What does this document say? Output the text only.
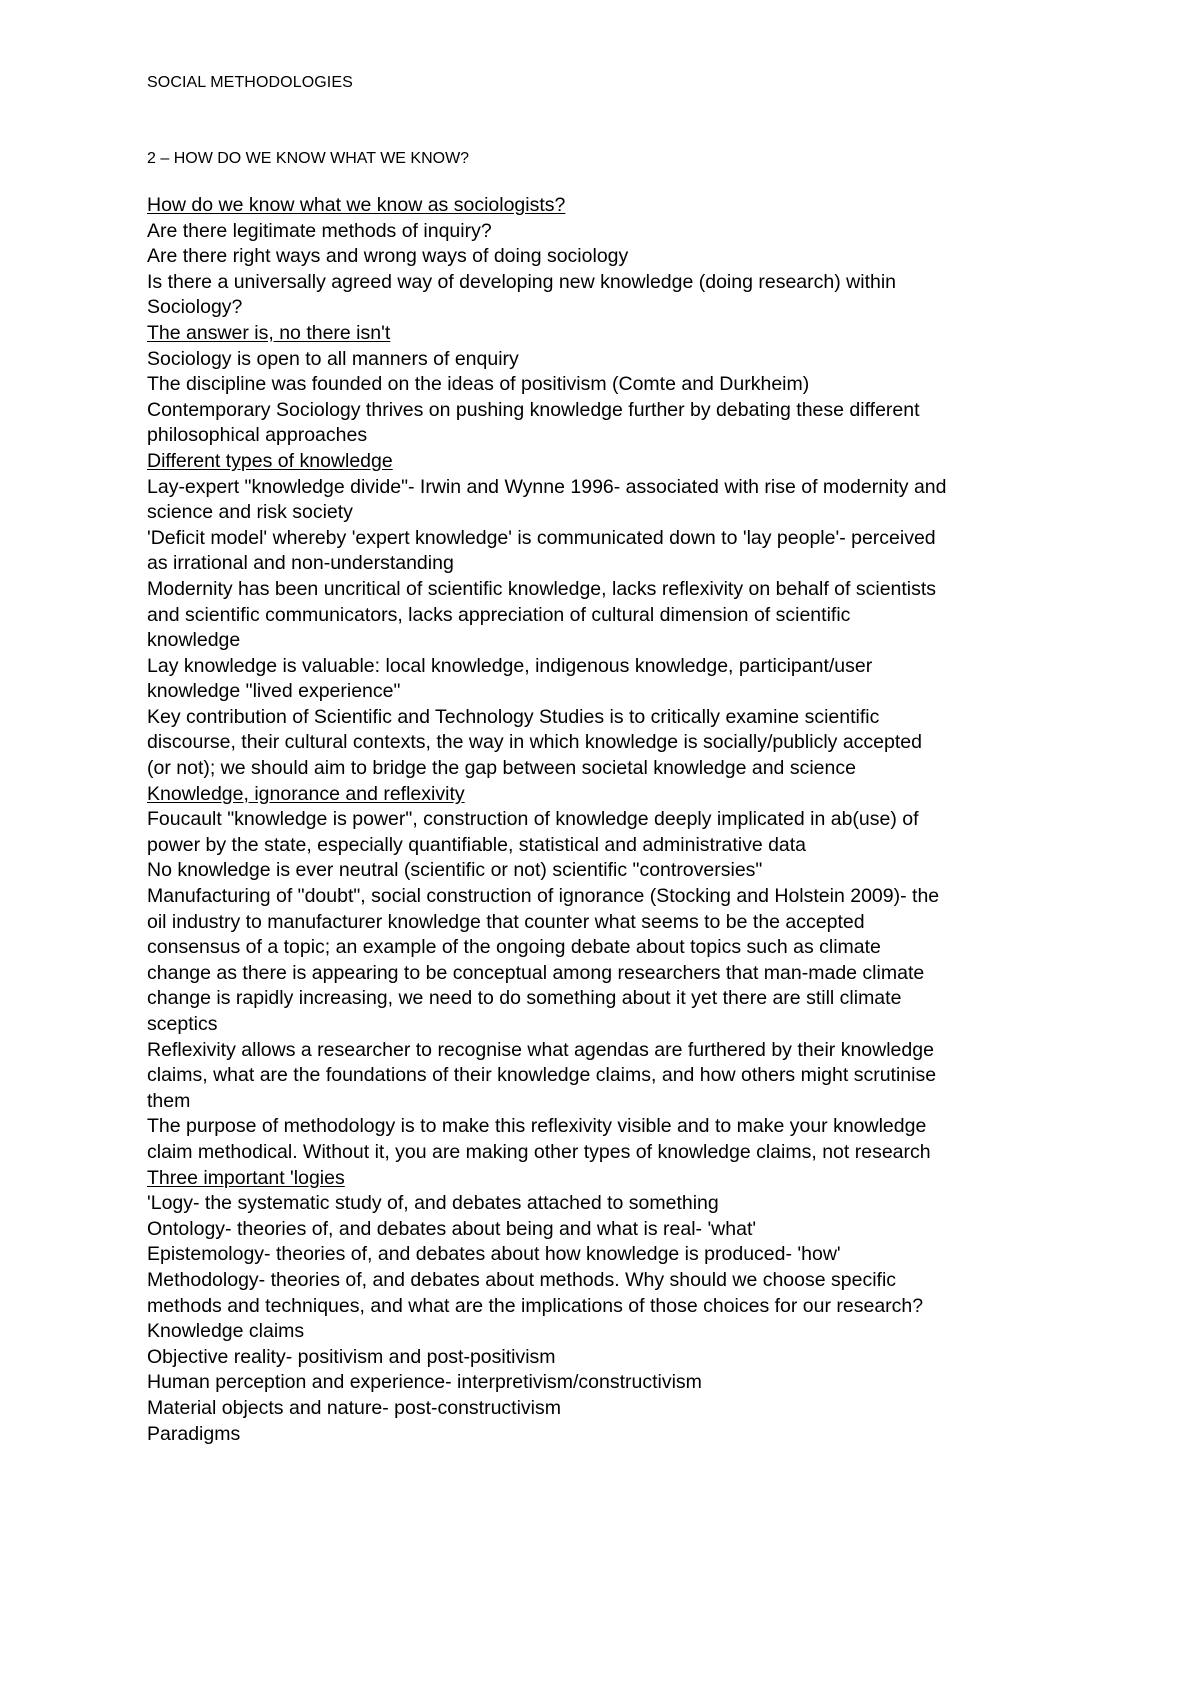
SOCIAL METHODOLOGIES
2 – HOW DO WE KNOW WHAT WE KNOW?
How do we know what we know as sociologists?
Are there legitimate methods of inquiry?
Are there right ways and wrong ways of doing sociology
Is there a universally agreed way of developing new knowledge (doing research) within
Sociology?
The answer is, no there isn't
Sociology is open to all manners of enquiry
The discipline was founded on the ideas of positivism (Comte and Durkheim)
Contemporary Sociology thrives on pushing knowledge further by debating these different
philosophical approaches
Different types of knowledge
Lay-expert "knowledge divide"- Irwin and Wynne 1996- associated with rise of modernity and
science and risk society
'Deficit model' whereby 'expert knowledge' is communicated down to 'lay people'- perceived
as irrational and non-understanding
Modernity has been uncritical of scientific knowledge, lacks reflexivity on behalf of scientists
and scientific communicators, lacks appreciation of cultural dimension of scientific
knowledge
Lay knowledge is valuable: local knowledge, indigenous knowledge, participant/user
knowledge "lived experience"
Key contribution of Scientific and Technology Studies is to critically examine scientific
discourse, their cultural contexts, the way in which knowledge is socially/publicly accepted
(or not); we should aim to bridge the gap between societal knowledge and science
Knowledge, ignorance and reflexivity
Foucault "knowledge is power", construction of knowledge deeply implicated in ab(use) of
power by the state, especially quantifiable, statistical and administrative data
No knowledge is ever neutral (scientific or not) scientific "controversies"
Manufacturing of "doubt", social construction of ignorance (Stocking and Holstein 2009)- the
oil industry to manufacturer knowledge that counter what seems to be the accepted
consensus of a topic; an example of the ongoing debate about topics such as climate
change as there is appearing to be conceptual among researchers that man-made climate
change is rapidly increasing, we need to do something about it yet there are still climate
sceptics
Reflexivity allows a researcher to recognise what agendas are furthered by their knowledge
claims, what are the foundations of their knowledge claims, and how others might scrutinise
them
The purpose of methodology is to make this reflexivity visible and to make your knowledge
claim methodical. Without it, you are making other types of knowledge claims, not research
Three important 'logies
'Logy- the systematic study of, and debates attached to something
Ontology- theories of, and debates about being and what is real- 'what'
Epistemology- theories of, and debates about how knowledge is produced- 'how'
Methodology- theories of, and debates about methods. Why should we choose specific
methods and techniques, and what are the implications of those choices for our research?
Knowledge claims
Objective reality- positivism and post-positivism
Human perception and experience- interpretivism/constructivism
Material objects and nature- post-constructivism
Paradigms
